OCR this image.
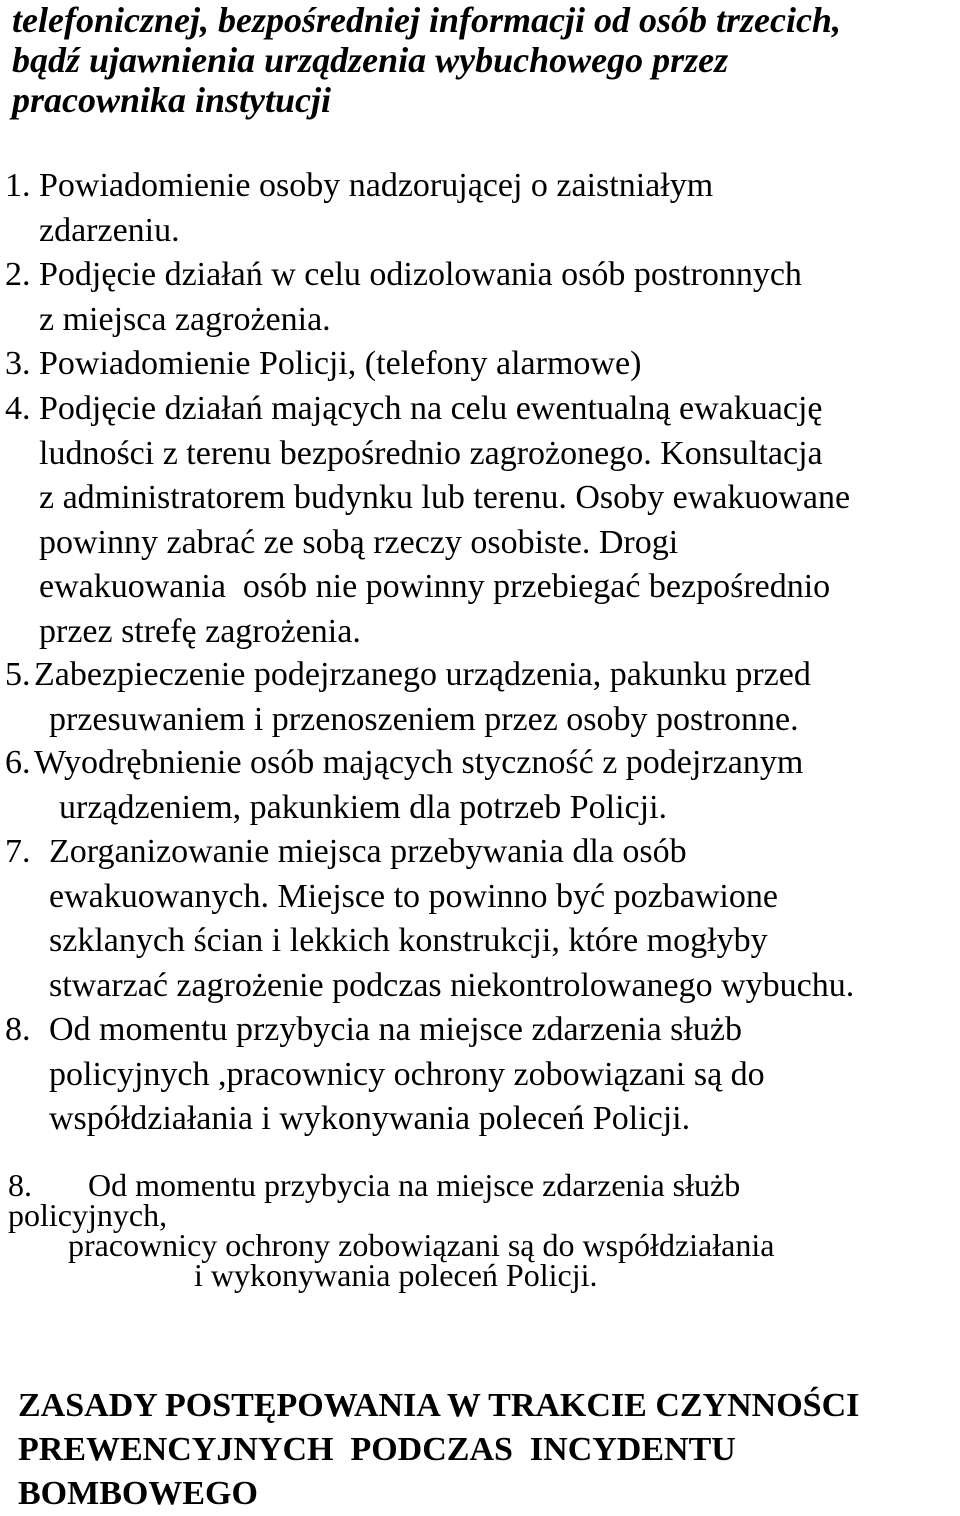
telefonicznej, bezpośredniej informacji od osób trzecich,
bądź ujawnienia urządzenia wybuchowego przez
pracownika instytucji
1. Powiadomienie osoby nadzorującej o zaistniałym
zdarzeniu.
2. Podjęcie działań w celu odizolowania osób postronnych
z miejsca zagrożenia.
3. Powiadomienie Policji, (telefony alarmowe)
4. Podjęcie działań mających na celu ewentualną ewakuację
ludności z terenu bezpośrednio zagrożonego. Konsultacja
z administratorem budynku lub terenu. Osoby ewakuowane
powinny zabrać ze sobą rzeczy osobiste. Drogi
ewakuowania  osób nie powinny przebiegać bezpośrednio
przez strefę zagrożenia.
5. Zabezpieczenie podejrzanego urządzenia, pakunku przed
przesuwaniem i przenoszeniem przez osoby postronne.
6. Wyodrębnienie osób mających styczność z podejrzanym
urządzeniem, pakunkiem dla potrzeb Policji.
7. Zorganizowanie miejsca przebywania dla osób
ewakuowanych. Miejsce to powinno być pozbawione
szklanych ścian i lekkich konstrukcji, które mogłyby
stwarzać zagrożenie podczas niekontrolowanego wybuchu.
8. Od momentu przybycia na miejsce zdarzenia służb
policyjnych ,pracownicy ochrony zobowiązani są do
współdziałania i wykonywania poleceń Policji.
8. Od momentu przybycia na miejsce zdarzenia służb
policyjnych,
pracownicy ochrony zobowiązani są do współdziałania
i wykonywania poleceń Policji.
ZASADY POSTĘPOWANIA W TRAKCIE CZYNNOŚCI
PREWENCYJNYCH  PODCZAS  INCYDENTU
BOMBOWEGO
